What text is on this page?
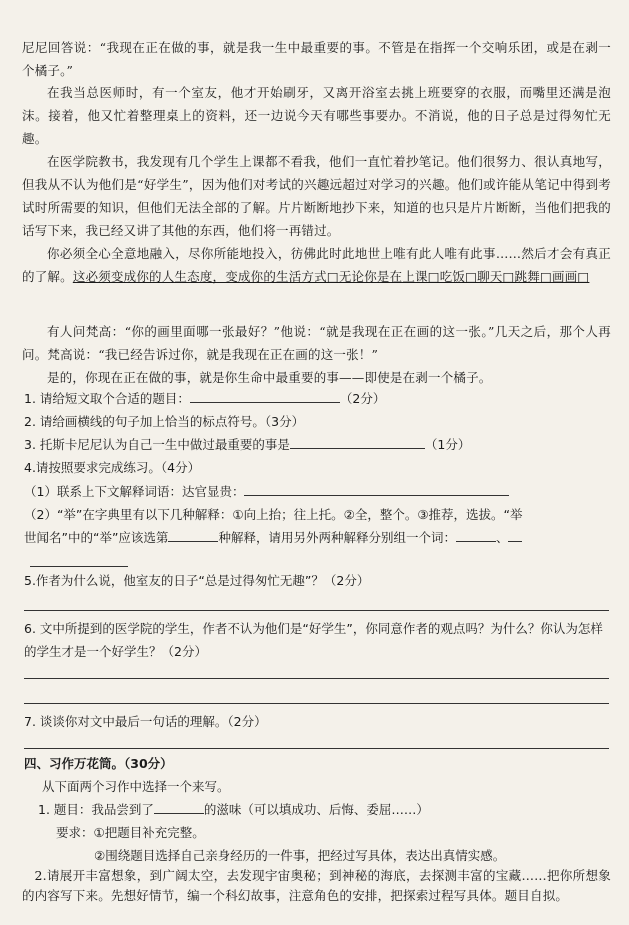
尼尼回答说：“我现在正在做的事，就是我一生中最重要的事。不管是在指挥一个交响乐团，或是在剥一个橘子。”

在我当总医师时，有一个室友，他才开始刷牙，又离开浴室去挑上班要穿的衣服，而嘴里还满是泡沫。接着，他又忙着整理桌上的资料，还一边说今天有哪些事要办。不消说，他的日子总是过得匆忙无趣。

在医学院教书，我发现有几个学生上课都不看我，他们一直忙着抄笔记。他们很努力、很认真地写，但我从不认为他们是“好学生”，因为他们对考试的兴趣远超过对学习的兴趣。他们或许能从笔记中得到考试时所需要的知识，但他们无法全部的了解。片片断断地抄下来，知道的也只是片片断断，当他们把我的话写下来，我已经又讲了其他的东西，他们将一再错过。

你必须全心全意地融入，尽你所能地投入，彷佛此时此地世上唯有此人唯有此事……然后才会有真正的了解。这必须变成你的人生态度，变成你的生活方式□无论你是在上课□吃饭□聊天□跳舞□画画□

有人问梵高：“你的画里面哪一张最好？”他说：“就是我现在正在画的这一张。”几天之后，那个人再问。梵高说：“我已经告诉过你，就是我现在正在画的这一张！”

是的，你现在正在做的事，就是你生命中最重要的事——即使是在剥一个橘子。

1. 请给短文取个合适的题目：	（2分）
2. 请给画横线的句子加上恰当的标点符号。（3分）
3. 托斯卡尼尼认为自己一生中做过最重要的事是	（1分）
4.请按照要求完成练习。（4分）
（1）联系上下文解释词语：达官显贵：
（2）“举”在字典里有以下几种解释：①向上抬；往上托。②全，整个。③推荐，选拔。“举
世闻名”中的“举”应该选第	种解释，请用另外两种解释分别组一个词：	、
5.作者为什么说，他室友的日子“总是过得匆忙无趣”？（2分）
6. 文中所提到的医学院的学生，作者不认为他们是“好学生”，你同意作者的观点吗？为什么？你认为怎样的学生才是一个好学生？（2分）
7. 谈谈你对文中最后一句话的理解。（2分）
四、习作万花筒。（30分）
从下面两个习作中选择一个来写。
1. 题目：我品尝到了	的滋味（可以填成功、后悔、委屈……）
要求：①把题目补充完整。
②围绕题目选择自己亲身经历的一件事，把经过写具体，表达出真情实感。

2.请展开丰富想象，到广阔太空，去发现宇宙奥秘；到神秘的海底，去探测丰富的宝藏……把你所想象的内容写下来。先想好情节，编一个科幻故事，注意角色的安排，把探索过程写具体。题目自拟。
